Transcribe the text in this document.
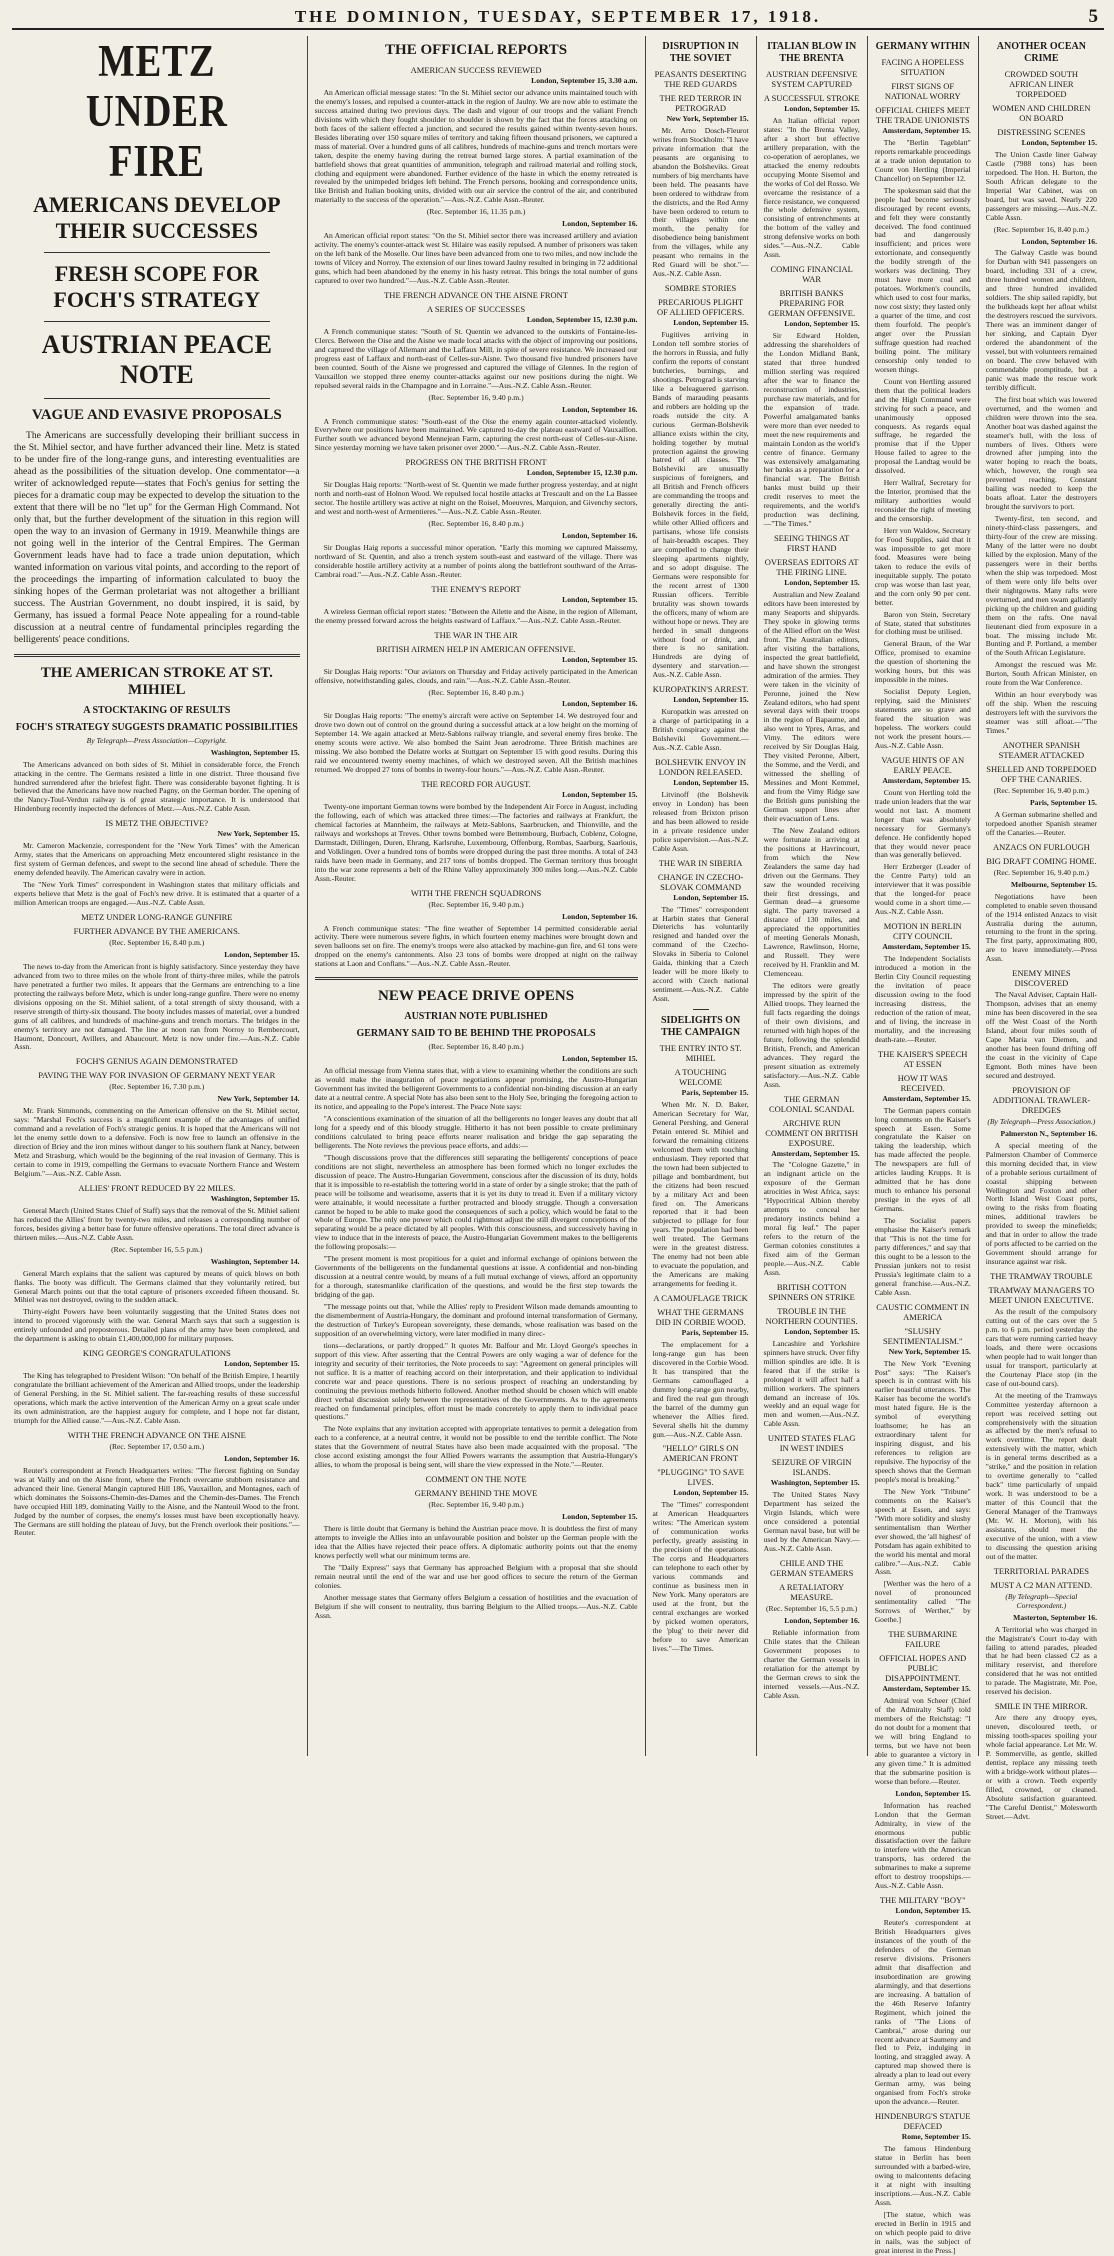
THE DOMINION, TUESDAY, SEPTEMBER 17, 1918.	5
METZ UNDER FIRE
AMERICANS DEVELOP THEIR SUCCESSES
FRESH SCOPE FOR FOCH'S STRATEGY
AUSTRIAN PEACE NOTE
VAGUE AND EVASIVE PROPOSALS
The Americans are successfully developing their brilliant success in the St. Mihiel sector, and have further advanced their line. Metz is stated to be under fire of the long-range guns, and interesting eventualities are ahead as the possibilities of the situation develop. One commentator—a writer of acknowledged repute—states that Foch's genius for setting the pieces for a dramatic coup may be expected to develop the situation to the extent that there will be no "let up" for the German High Command. Not only that, but the further development of the situation in this region will open the way to an invasion of Germany in 1919. Meanwhile things are not going well in the interior of the Central Empires. The German Government leads have had to face a trade union deputation, which wanted information on various vital points, and according to the report of the proceedings the imparting of information calculated to buoy the sinking hopes of the German proletariat was not altogether a brilliant success. The Austrian Government, no doubt inspired, it is said, by Germany, has issued a formal Peace Note appealing for a round-table discussion at a neutral centre of fundamental principles regarding the belligerents' peace conditions.
THE AMERICAN STROKE AT ST. MIHIEL
A STOCKTAKING OF RESULTS
FOCH'S STRATEGY SUGGESTS DRAMATIC POSSIBILITIES
By Telegraph—Press Association—Copyright.
Washington, September 15.

The Americans advanced on both sides of St. Mihiel in considerable force, the French attacking in the centre. The Germans resisted a little in one district. Three thousand five hundred surrendered after the briefest fight. There was considerable bayonet fighting. It is believed that the Americans have now reached Pagny, on the German border. The opening of the Nancy-Toul-Verdun railway is of great strategic importance. It is understood that Hindenburg recently inspected the defences of Metz.—Aus.-N.Z. Cable Assn.

IS METZ THE OBJECTIVE?
New York, September 15.

Mr. Cameron Mackenzie, correspondent for the "New York Times" with the American Army, states that the Americans on approaching Metz encountered slight resistance in the first system of German defences, and swept to the second line ahead of schedule. There the enemy defended heavily. The American cavalry were in action.

The "New York Times" correspondent in Washington states that military officials and experts believe that Metz is the goal of Foch's new drive. It is estimated that a quarter of a million American troops are engaged.—Aus.-N.Z. Cable Assn.

METZ UNDER LONG-RANGE GUNFIRE
FURTHER ADVANCE BY THE AMERICANS.
(Rec. September 16, 8.40 p.m.)
London, September 15.

The news to-day from the American front is highly satisfactory. Since yesterday they have advanced from two to three miles on the whole front of thirty-three miles, while the patrols have penetrated a further two miles. It appears that the Germans are entrenching to a line protecting the railways before Metz, which is under long-range gunfire. There were no enemy divisions opposing on the St. Mihiel salient, of a total strength of sixty thousand, with a reserve strength of thirty-six thousand. The booty includes masses of material, over a hundred guns of all calibres, and hundreds of machine-guns and trench mortars. The bridges in the enemy's territory are not damaged. The line at noon ran from Norroy to Rembercourt, Haumont, Doncourt, Avillers, and Abaucourt. Metz is now under fire.—Aus.-N.Z. Cable Assn.

FOCH'S GENIUS AGAIN DEMONSTRATED
PAVING THE WAY FOR INVASION OF GERMANY NEXT YEAR
(Rec. September 16, 7.30 p.m.)
New York, September 14.

Mr. Frank Simmonds, commenting on the American offensive on the St. Mihiel sector, says: "Marshal Foch's success is a magnificent example of the advantages of unified command and a revelation of Foch's strategic genius. It is hoped that the Americans will not let the enemy settle down to a defensive. Foch is now free to launch an offensive in the direction of Briey and the iron mines without danger to his southern flank at Nancy, between Metz and Strasburg, which would be the beginning of the real invasion of Germany. This is certain to come in 1919, compelling the Germans to evacuate Northern France and Western Belgium."—Aus.-N.Z. Cable Assn.

ALLIES' FRONT REDUCED BY 22 MILES.
Washington, September 15.

General March (United States Chief of Staff) says that the removal of the St. Mihiel salient has reduced the Allies' front by twenty-two miles, and releases a corresponding number of forces, besides giving a better base for future offensive operations. The total direct advance is thirteen miles.—Aus.-N.Z. Cable Assn.

(Rec. September 16, 5.5 p.m.)
Washington, September 14.

General March explains that the salient was captured by means of quick blows on both flanks. The booty was difficult. The Germans claimed that they voluntarily retired, but General March points out that the total capture of prisoners exceeded fifteen thousand. St. Mihiel was not destroyed, owing to the sudden attack.

Thirty-eight Powers have been voluntarily suggesting that the United States does not intend to proceed vigorously with the war. General March says that such a suggestion is entirely unfounded and preposterous. Detailed plans of the army have been completed, and the department is asking to obtain £1,400,000,000 for military purposes.

KING GEORGE'S CONGRATULATIONS
London, September 15.

The King has telegraphed to President Wilson: "On behalf of the British Empire, I heartily congratulate the brilliant achievement of the American and Allied troops, under the leadership of General Pershing, in the St. Mihiel salient. The far-reaching results of these successful operations, which mark the active intervention of the American Army on a great scale under its own administration, are the happiest augury for complete, and I hope not far distant, triumph for the Allied cause."—Aus.-N.Z. Cable Assn.

WITH THE FRENCH ADVANCE ON THE AISNE
(Rec. September 17, 0.50 a.m.)
London, September 16.

Reuter's correspondent at French Headquarters writes: "The fiercest fighting on Sunday was at Vailly and on the Aisne front, where the French overcame stubborn resistance and advanced their line. General Mangin captured Hill 186, Vauxaillon, and Montagnes, each of which dominates the Soissons-Chemin-des-Dames and the Chemin-des-Dames. The French have occupied Hill 189, dominating Vailly to the Aisne, and the Nanteuil Wood to the front. Judged by the number of corpses, the enemy's losses must have been exceptionally heavy. The Germans are still holding the plateau of Juvy, but the French overlook their positions."—Reuter.

THE OFFICIAL REPORTS
AMERICAN SUCCESS REVIEWED
London, September 15, 3.30 a.m.

An American official message states: "In the St. Mihiel sector our advance units maintained touch with the enemy's losses, and repulsed a counter-attack in the region of Jaulny. We are now able to estimate the success attained during two previous days. The dash and vigour of our troops and the valiant French divisions with which they fought shoulder to shoulder is shown by the fact that the forces attacking on both faces of the salient effected a junction, and secured the results gained within twenty-seven hours. Besides liberating over 150 square miles of territory and taking fifteen thousand prisoners, we captured a mass of material. Over a hundred guns of all calibres, hundreds of machine-guns and trench mortars were taken, despite the enemy having during the retreat burned large stores. A partial examination of the battlefield shows that great quantities of ammunition, telegraph and railroad material and rolling stock, clothing and equipment were abandoned. Further evidence of the haste in which the enemy retreated is revealed by the unimpeded bridges left behind. The French persons, booking and correspondence units, like British and Italian booking units, divided with our air service the control of the air, and contributed materially to the success of the operation."—Aus.-N.Z. Cable Assn.-Reuter.

(Rec. September 16, 11.35 p.m.)
London, September 16.

An American official report states: "On the St. Mihiel sector there was increased artillery and aviation activity. The enemy's counter-attack west St. Hilaire was easily repulsed. A number of prisoners was taken on the left bank of the Moselle. Our lines have been advanced from one to two miles, and now include the towns of Vilcey and Norroy. The extension of our lines toward Jaulny resulted in bringing in 72 additional guns, which had been abandoned by the enemy in his hasty retreat. This brings the total number of guns captured to over two hundred."—Aus.-N.Z. Cable Assn.-Reuter.

THE FRENCH ADVANCE ON THE AISNE FRONT
A SERIES OF SUCCESSES
London, September 15, 12.30 p.m.

A French communique states: "South of St. Quentin we advanced to the outskirts of Fontaine-les-Clercs. Between the Oise and the Aisne we made local attacks with the object of improving our positions, and captured the village of Allemant and the Laffaux Mill, in spite of severe resistance. We increased our progress east of Laffaux and north-east of Celles-sur-Aisne. Two thousand five hundred prisoners have been counted. South of the Aisne we progressed and captured the village of Glennes. In the region of Vauxaillon we stopped three enemy counter-attacks against our new positions during the night. We repulsed several raids in the Champagne and in Lorraine."—Aus.-N.Z. Cable Assn.-Reuter.

(Rec. September 16, 9.40 p.m.)
London, September 16.

A French communique states: "South-east of the Oise the enemy again counter-attacked violently. Everywhere our positions have been maintained. We captured to-day the plateau eastward of Vauxaillon. Further south we advanced beyond Mennejean Farm, capturing the crest north-east of Celles-sur-Aisne. Since yesterday morning we have taken prisoner over 2000."—Aus.-N.Z. Cable Assn.-Reuter.

PROGRESS ON THE BRITISH FRONT
London, September 15, 12.30 p.m.

Sir Douglas Haig reports: "North-west of St. Quentin we made further progress yesterday, and at night north and north-east of Holnon Wood. We repulsed local hostile attacks at Trescault and on the La Bassee sector. The hostile artillery was active at night on the Roisel, Moeuvres, Marquion, and Givenchy sectors, and west and north-west of Armentieres."—Aus.-N.Z. Cable Assn.-Reuter.

(Rec. September 16, 8.40 p.m.)
London, September 16.

Sir Douglas Haig reports a successful minor operation. "Early this morning we captured Maissemy, northward of St. Quentin, and also a trench system south-east and eastward of the village. There was considerable hostile artillery activity at a number of points along the battlefront southward of the Arras-Cambrai road."—Aus.-N.Z. Cable Assn.-Reuter.

THE ENEMY'S REPORT
London, September 15.

A wireless German official report states: "Between the Ailette and the Aisne, in the region of Allemant, the enemy pressed forward across the heights eastward of Laffaux."—Aus.-N.Z. Cable Assn.-Reuter.

THE WAR IN THE AIR
BRITISH AIRMEN HELP IN AMERICAN OFFENSIVE.
London, September 15.

Sir Douglas Haig reports: "Our aviators on Thursday and Friday actively participated in the American offensive, notwithstanding gales, clouds, and rain."—Aus.-N.Z. Cable Assn.-Reuter.

(Rec. September 16, 8.40 p.m.)
London, September 16.

Sir Douglas Haig reports: "The enemy's aircraft were active on September 14. We destroyed four and drove two down out of control on the ground during a successful attack at a low height on the morning of September 14. We again attacked at Metz-Sablons railway triangle, and several enemy fires broke. The enemy scouts were active. We also bombed the Saint Jean aerodrome. Three British machines are missing. We also bombed the Delatre works at Stuttgart on September 15 with good results. During this raid we encountered twenty enemy machines, of which we destroyed seven. All the British machines returned. We dropped 27 tons of bombs in twenty-four hours."—Aus.-N.Z. Cable Assn.-Reuter.

THE RECORD FOR AUGUST.
London, September 15.

Twenty-one important German towns were bombed by the Independent Air Force in August, including the following, each of which was attacked three times:—The factories and railways at Frankfurt, the chemical factories at Mannheim, the railways at Metz-Sablons, Saarbrucken, and Thionville, and the railways and workshops at Treves. Other towns bombed were Bettembourg, Burbach, Coblenz, Cologne, Darmstadt, Dillingen, Duren, Ehrang, Karlsruhe, Luxembourg, Offenburg, Rombas, Saarburg, Saarlouis, and Volklingen. Over a hundred tons of bombs were dropped during the past three months. A total of 243 raids have been made in Germany, and 217 tons of bombs dropped. The German territory thus brought into the war zone represents a belt of the Rhine Valley approximately 300 miles long.—Aus.-N.Z. Cable Assn.-Reuter.

WITH THE FRENCH SQUADRONS
(Rec. September 16, 9.40 p.m.)
London, September 16.

A French communique states: "The fine weather of September 14 permitted considerable aerial activity. There were numerous severe fights, in which fourteen enemy machines were brought down and seven balloons set on fire. The enemy's troops were also attacked by machine-gun fire, and 61 tons were dropped on the enemy's cantonments. Also 23 tons of bombs were dropped at night on the railway stations at Laon and Conflans."—Aus.-N.Z. Cable Assn.-Reuter.

NEW PEACE DRIVE OPENS
AUSTRIAN NOTE PUBLISHED
GERMANY SAID TO BE BEHIND THE PROPOSALS
(Rec. September 16, 8.40 p.m.)
London, September 15.

An official message from Vienna states that, with a view to examining whether the conditions are such as would make the inauguration of peace negotiations appear promising, the Austro-Hungarian Government has invited the belligerent Governments to a confidential non-binding discussion at an early date at a neutral centre. A special Note has also been sent to the Holy See, bringing the foregoing action to its notice, and appealing to the Pope's interest. The Peace Note says:

"A conscientious examination of the situation of all the belligerents no longer leaves any doubt that all long for a speedy end of this bloody struggle. Hitherto it has not been possible to create preliminary conditions calculated to bring peace efforts nearer realisation and bridge the gap separating the belligerents. The Note reviews the previous peace efforts, and adds:—

"Though discussions prove that the differences still separating the belligerents' conceptions of peace conditions are not slight, nevertheless an atmosphere has been formed which no longer excludes the discussion of peace. The Austro-Hungarian Government, conscious after the discussion of its duty, holds that it is impossible to re-establish the tottering world in a state of order by a single stroke; that the path of peace will be toilsome and wearisome, asserts that it is yet its duty to tread it. Even if a military victory were attainable, it would necessitate a further protracted and bloody struggle. Though a conversation cannot be hoped to be able to make good the consequences of such a policy, which would be fatal to the whole of Europe. The only one power which could rightmost adjust the still divergent conceptions of the separating would be a peace dictated by all peoples. With this consciousness, and successively having in view to induce that in the interests of peace, the Austro-Hungarian Government makes to the belligerents the following proposals:—

"The present moment is most propitious for a quiet and informal exchange of opinions between the Governments of the belligerents on the fundamental questions at issue. A confidential and non-binding discussion at a neutral centre would, by means of a full mutual exchange of views, afford an opportunity for a thorough, statesmanlike clarification of the questions, and would be the first step towards the bridging of the gap.

"The message points out that, 'while the Allies' reply to President Wilson made demands amounting to the dismemberment of Austria-Hungary, the dominant and profound internal transformation of Germany, the destruction of Turkey's European sovereignty, these demands, whose realisation was based on the supposition of an overwhelming victory, were later modified in many direc-

tions—declarations, or partly dropped." It quotes Mr. Balfour and Mr. Lloyd George's speeches in support of this view. After asserting that the Central Powers are only waging a war of defence for the integrity and security of their territories, the Note proceeds to say: "Agreement on general principles will not suffice. It is a matter of reaching accord on their interpretation, and their application to individual concrete war and peace questions. There is no serious prospect of reaching an understanding by continuing the previous methods hitherto followed. Another method should be chosen which will enable direct verbal discussion solely between the representatives of the Governments. As to the agreements reached on fundamental principles, effort must be made concretely to apply them to individual peace questions."

The Note explains that any invitation accepted with appropriate tentatives to permit a delegation from each to a conference, at a neutral centre, it would not be possible to end the terrible conflict. The Note states that the Government of neutral States have also been made acquainted with the proposal. "The close accord existing amongst the four Allied Powers warrants the assumption that Austria-Hungary's allies, to whom the proposal is being sent, will share the view expressed in the Note."—Reuter.

COMMENT ON THE NOTE
GERMANY BEHIND THE MOVE
(Rec. September 16, 9.40 p.m.)
London, September 15.

There is little doubt that Germany is behind the Austrian peace move. It is doubtless the first of many attempts to inveigle the Allies into an unfavourable position and bolster up the German people with the idea that the Allies have rejected their peace offers. A diplomatic authority points out that the enemy knows perfectly well what our minimum terms are.

The "Daily Express" says that Germany has approached Belgium with a proposal that she should remain neutral until the end of the war and use her good offices to secure the return of the German colonies.

Another message states that Germany offers Belgium a cessation of hostilities and the evacuation of Belgium if she will consent to neutrality, thus barring Belgium to the Allied troops.—Aus.-N.Z. Cable Assn.

DISRUPTION IN THE SOVIET
PEASANTS DESERTING THE RED GUARDS
THE RED TERROR IN PETROGRAD
New York, September 15.

Mr. Arno Dosch-Fleurot writes from Stockholm: "I have private information that the peasants are organising to abandon the Bolsheviks. Great numbers of big merchants have been held. The peasants have been ordered to withdraw from the districts, and the Red Army have been ordered to return to their villages within one month, the penalty for disobedience being banishment from the villages, while any peasant who remains in the Red Guard will be shot."—Aus.-N.Z. Cable Assn.

SOMBRE STORIES
PRECARIOUS PLIGHT OF ALLIED OFFICERS.
London, September 15.

Fugitives arriving in London tell sombre stories of the horrors in Russia, and fully confirm the reports of constant butcheries, burnings, and shootings. Petrograd is starving like a beleaguered garrison. Bands of marauding peasants and robbers are holding up the roads outside the city. A curious German-Bolshevik alliance exists within the city, holding together by mutual protection against the growing hatred of all classes. The Bolsheviki are unusually suspicious of foreigners, and all British and French officers are commanding the troops and generally directing the anti-Bolshevik forces in the field, while other Allied officers and partisans, whose life consists of hair-breadth escapes. They are compelled to change their sleeping apartments nightly, and so adopt disguise. The Germans were responsible for the recent arrest of 1300 Russian officers. Terrible brutality was shown towards the officers, many of whom are without hope or news. They are herded in small dungeons without food or drink, and there is no sanitation. Hundreds are dying of dysentery and starvation.—Aus.-N.Z. Cable Assn.

KUROPATKIN'S ARREST.
London, September 15.

Kuropatkin was arrested on a charge of participating in a British conspiracy against the Bolsheviki Government.—Aus.-N.Z. Cable Assn.

BOLSHEVIK ENVOY IN LONDON RELEASED.
London, September 15.

Litvinoff (the Bolshevik envoy in London) has been released from Brixton prison and has been allowed to reside in a private residence under police supervision.—Aus.-N.Z. Cable Assn.

THE WAR IN SIBERIA
CHANGE IN CZECHO-SLOVAK COMMAND
London, September 15.

The "Times" correspondent at Harbin states that General Dieterichs has voluntarily resigned and handed over the command of the Czecho-Slovaks in Siberia to Colonel Gaida, thinking that a Czech leader will be more likely to accord with Czech national sentiment.—Aus.-N.Z. Cable Assn.

SIDELIGHTS ON THE CAMPAIGN
THE ENTRY INTO ST. MIHIEL
A TOUCHING WELCOME
Paris, September 15.

When Mr. N. D. Baker, American Secretary for War, General Pershing, and General Petain entered St. Mihiel and forward the remaining citizens welcomed them with touching enthusiasm. They reported that the town had been subjected to pillage and bombardment, but the citizens had been rescued by a military Act and been fired on. The Americans reported that it had been subjected to pillage for four years. The population had been well treated. The Germans were in the greatest distress. The enemy had not been able to evacuate the population, and the Americans are making arrangements for feeding it.

A CAMOUFLAGE TRICK
WHAT THE GERMANS DID IN CORBIE WOOD.
Paris, September 15.

The emplacement for a long-range gun has been discovered in the Corbie Wood. It has transpired that the Germans camouflaged a dummy long-range gun nearby, and fired the real gun through the barrel of the dummy gun whenever the Allies fired. Several shells hit the dummy gun.—Aus.-N.Z. Cable Assn.

"HELLO" GIRLS ON AMERICAN FRONT
"PLUGGING" TO SAVE LIVES.
London, September 15.

The "Times" correspondent at American Headquarters writes: "The American system of communication works perfectly, greatly assisting in the precision of the operations. The corps and Headquarters can telephone to each other by various commands and continue as business men in New York. Many operators are used at the front, but the central exchanges are worked by picked women operators, the 'plug' to their never did before to save American lives."—The Times.

ITALIAN BLOW IN THE BRENTA
AUSTRIAN DEFENSIVE SYSTEM CAPTURED
A SUCCESSFUL STROKE
London, September 15.

An Italian official report states: "In the Brenta Valley, after a short but effective artillery preparation, with the co-operation of aeroplanes, we attacked the enemy redoubts occupying Monte Sisemol and the works of Col del Rosso. We overcame the resistance of a fierce resistance, we conquered the whole defensive system, consisting of entrenchments at the bottom of the valley and strong defensive works on both sides."—Aus.-N.Z. Cable Assn.

COMING FINANCIAL WAR
BRITISH BANKS PREPARING FOR GERMAN OFFENSIVE.
London, September 15.

Sir Edward Holden, addressing the shareholders of the London Midland Bank, stated that three hundred million sterling was required after the war to finance the reconstruction of industries, purchase raw materials, and for the expansion of trade. Powerful amalgamated banks were more than ever needed to meet the new requirements and maintain London as the world's centre of finance. Germany was extensively amalgamating her banks as a preparation for a financial war. The British banks must build up their credit reserves to meet the requirements, and the world's production was declining.—"The Times."

SEEING THINGS AT FIRST HAND
OVERSEAS EDITORS AT THE FIRING LINE.
London, September 15.

Australian and New Zealand editors have been interested by many Seaports and shipyards. They spoke in glowing terms of the Allied effort on the West front. The Australian editors, after visiting the battalions, inspected the great battlefield, and have shown the strongest admiration of the armies. They were taken in the vicinity of Peronne, joined the New Zealand editors, who had spent several days with their troops in the region of Bapaume, and also went to Ypres, Arras, and Vimy. The editors were received by Sir Douglas Haig. They visited Peronne, Albert, the Somme, and the Verdi, and witnessed the shelling of Messines and Mont Kemmel, and from the Vimy Ridge saw the British guns punishing the German support lines after their evacuation of Lens.

The New Zealand editors were fortunate in arriving at the positions at Havrincourt, from which the New Zealanders the same day had driven out the Germans. They saw the wounded receiving their first dressings, and German dead—a gruesome sight. The party traversed a distance of 130 miles, and appreciated the opportunities of meeting Generals Monash, Lawrence, Rawlinson, Horne, and Russell. They were received by H. Franklin and M. Clemenceau.

The editors were greatly impressed by the spirit of the Allied troops. They learned the full facts regarding the doings of their own divisions, and returned with high hopes of the future, following the splendid British, French, and American advances. They regard the present situation as extremely satisfactory.—Aus.-N.Z. Cable Assn.

THE GERMAN COLONIAL SCANDAL
ARCHIVE RUN COMMENT ON BRITISH EXPOSURE.
Amsterdam, September 15.

The "Cologne Gazette," in an indignant article on the exposure of the German atrocities in West Africa, says: "Hypocritical Albion thereby attempts to conceal her predatory instincts behind a moral fig leaf." The paper refers to the return of the German colonies constitutes a fixed aim of the German people.—Aus.-N.Z. Cable Assn.

BRITISH COTTON SPINNERS ON STRIKE
TROUBLE IN THE NORTHERN COUNTIES.
London, September 15.

Lancashire and Yorkshire spinners have struck. Over fifty million spindles are idle. It is feared that if the strike is prolonged it will affect half a million workers. The spinners demand an increase of 10s. weekly and an equal wage for men and women.—Aus.-N.Z. Cable Assn.

UNITED STATES FLAG IN WEST INDIES
SEIZURE OF VIRGIN ISLANDS.
Washington, September 15.

The United States Navy Department has seized the Virgin Islands, which were once considered a potential German naval base, but will be used by the American Navy.—Aus.-N.Z. Cable Assn.

CHILE AND THE GERMAN STEAMERS
A RETALIATORY MEASURE.
(Rec. September 16, 5.5 p.m.)
London, September 16.

Reliable information from Chile states that the Chilean Government proposes to charter the German vessels in retaliation for the attempt by the German crews to sink the interned vessels.—Aus.-N.Z. Cable Assn.

GERMANY WITHIN
FACING A HOPELESS SITUATION
FIRST SIGNS OF NATIONAL WORRY
OFFICIAL CHIEFS MEET THE TRADE UNIONISTS
Amsterdam, September 15.

The "Berlin Tageblatt" reports remarkable proceedings at a trade union deputation to Count von Hertling (Imperial Chancellor) on September 12.

The spokesman said that the people had become seriously discouraged by recent events, and felt they were constantly deceived. The food continued bad and dangerously insufficient; and prices were extortionate, and consequently the bodily strength of the workers was declining. They must have more coal and potatoes. Workmen's councils, which used to cost four marks, now cost sixty; they lasted only a quarter of the time, and cost them fourfold. The people's anger over the Prussian suffrage question had reached boiling point. The military censorship only tended to worsen things.

Count von Hertling assured them that the political leaders and the High Command were striving for such a peace, and unanimously opposed conquests. As regards equal suffrage, he regarded the promise that if the Upper House failed to agree to the proposal the Landtag would be dissolved.

Herr Wallraf, Secretary for the Interior, promised that the military authorities would reconsider the right of meeting and the censorship.

Herr von Waldow, Secretary for Food Supplies, said that it was impossible to get more food. Measures were being taken to reduce the evils of inequitable supply. The potato crop was worse than last year, and the corn only 90 per cent. better.

Baron von Stein, Secretary of State, stated that substitutes for clothing must be utilised.

General Braun, of the War Office, promised to examine the question of shortening the working hours, but this was impossible in the mines.

Socialist Deputy Legien, replying, said the Ministers' statements are so grave and feared the situation was hopeless. The workers could not work the present hours.—Aus.-N.Z. Cable Assn.

VAGUE HINTS OF AN EARLY PEACE.
Amsterdam, September 15.

Count von Hertling told the trade union leaders that the war would not last. A moment longer than was absolutely necessary for Germany's defence. He confidently hoped that they would never peace than was generally believed.

Herr Erzberger (Leader of the Centre Party) told an interviewer that it was possible that the longed-for peace would come in a short time.—Aus.-N.Z. Cable Assn.

MOTION IN BERLIN CITY COUNCIL
Amsterdam, September 15.

The Independent Socialists introduced a motion in the Berlin City Council requesting the invitation of peace discussion owing to the food increasing distress, the reduction of the ration of meat, and of living, the increase in mortality, and the increasing death-rate.—Reuter.

THE KAISER'S SPEECH AT ESSEN
HOW IT WAS RECEIVED.
Amsterdam, September 15.

The German papers contain long comments on the Kaiser's speech at Essen. Some congratulate the Kaiser on taking the leadership, which has made affected the people. The newspapers are full of articles lauding Krupps. It is admitted that he has done much to enhance his personal prestige in the eyes of all Germans.

The Socialist papers emphasise the Kaiser's remark that "This is not the time for party differences," and say that this ought to be a lesson to the Prussian junkers not to resist Prussia's legitimate claim to a general franchise.—Aus.-N.Z. Cable Assn.

CAUSTIC COMMENT IN AMERICA
"SLUSHY SENTIMENTALISM."
New York, September 15.

The New York "Evening Post" says: "The Kaiser's speech is in contrast with his earlier boastful utterances. The Kaiser has become the world's most hated figure. He is the symbol of everything loathsome; he has an extraordinary talent for inspiring disgust, and his references to religion are repulsive. The hypocrisy of the speech shows that the German people's moral is breaking."

The New York "Tribune" comments on the Kaiser's speech at Essen, and says: "With more solidity and slushy sentimentalism than Werther ever showed, the 'all highest' of Potsdam has again exhibited to the world his mental and moral calibre."—Aus.-N.Z. Cable Assn.

[Werther was the hero of a novel of pronounced sentimentality called "The Sorrows of Werther," by Goethe.]

THE SUBMARINE FAILURE
OFFICIAL HOPES AND PUBLIC DISAPPOINTMENT.
Amsterdam, September 15.

Admiral von Scheer (Chief of the Admiralty Staff) told members of the Reichstag: "I do not doubt for a moment that we will bring England to terms, but we have not been able to guarantee a victory in any given time." It is admitted that the submarine position is worse than before.—Reuter.

London, September 15.

Information has reached London that the German Admiralty, in view of the enormous public dissatisfaction over the failure to interfere with the American transports, has ordered the submarines to make a supreme effort to destroy troopships.—Aus.-N.Z. Cable Assn.

THE MILITARY "BOY"
London, September 15.

Reuter's correspondent at British Headquarters gives instances of the youth of the defenders of the German reserve divisions. Prisoners admit that disaffection and insubordination are growing alarmingly, and that desertions are increasing. A battalion of the 46th Reserve Infantry Regiment, which joined the ranks of "The Lions of Cambrai," arose during our recent advance at Saumeny and fled to Peiz, indulging in looting, and straggled away. A captured map showed there is already a plan to lead out every German army, was being organised from Foch's stroke upon the advance.—Reuter.

HINDENBURG'S STATUE DEFACED
Rome, September 15.

The famous Hindenburg statue in Berlin has been surrounded with a barbed-wire, owing to malcontents defacing it at night with insulting inscriptions.—Aus.-N.Z. Cable Assn.

[The statue, which was erected in Berlin in 1915 and on which people paid to drive in nails, was the subject of great interest in the Press.]

ANOTHER OCEAN CRIME
CROWDED SOUTH AFRICAN LINER TORPEDOED
WOMEN AND CHILDREN ON BOARD
DISTRESSING SCENES
London, September 15.

The Union Castle liner Galway Castle (7988 tons) has been torpedoed. The Hon. H. Burton, the South African delegate to the Imperial War Cabinet, was on board, but was saved. Nearly 220 passengers are missing.—Aus.-N.Z. Cable Assn.

(Rec. September 16, 8.40 p.m.)
London, September 16.

The Galway Castle was bound for Durban with 941 passengers on board, including 331 of a crew, three hundred women and children, and three hundred invalided soldiers. The ship sailed rapidly, but the bulkheads kept her afloat whilst the destroyers rescued the survivors. There was an imminent danger of her sinking, and Captain Dyer ordered the abandonment of the vessel, but with volunteers remained on board. The crew behaved with commendable promptitude, but a panic was made the rescue work terribly difficult.

The first boat which was lowered overturned, and the women and children were thrown into the sea. Another boat was dashed against the steamer's hull, with the loss of numbers of lives. Others were drowned after jumping into the water hoping to reach the boats, which, however, the rough sea prevented reaching. Constant bailing was needed to keep the boats afloat. Later the destroyers brought the survivors to port.

Twenty-first, ten second, and ninety-third-class passengers, and thirty-four of the crew are missing. Many of the latter were no doubt killed by the explosion. Many of the passengers were in their berths when the ship was torpedoed. Most of them were only life belts over their nightgowns. Many rafts were overturned, and men swam gallantly picking up the children and guiding them on the rafts. One naval lieutenant died from exposure in a boat. The missing include Mr. Bunting and P. Portland, a member of the South African Legislature.

Amongst the rescued was Mr. Burton, South African Minister, en route from the War Conference.

Within an hour everybody was off the ship. When the rescuing destroyers left with the survivors the steamer was still afloat.—"The Times."

ANOTHER SPANISH STEAMER ATTACKED
SHELLED AND TORPEDOED OFF THE CANARIES.
(Rec. September 16, 9.40 p.m.)
Paris, September 15.

A German submarine shelled and torpedoed another Spanish steamer off the Canaries.—Reuter.

ANZACS ON FURLOUGH
BIG DRAFT COMING HOME.
(Rec. September 16, 9.40 p.m.)
Melbourne, September 15.

Negotiations have been completed to enable seven thousand of the 1914 enlisted Anzacs to visit Australia during the autumn, returning to the front in the spring. The first party, approximating 800, are to leave immediately.—Press Assn.

ENEMY MINES DISCOVERED

The Naval Adviser, Captain Hall-Thompson, advises that an enemy mine has been discovered in the sea off the West Coast of the North Island, about four miles south of Cape Maria van Diemen, and another has been found drifting off the coast in the vicinity of Cape Egmont. Both mines have been secured and destroyed.

PROVISION OF ADDITIONAL TRAWLER-DREDGES
(By Telegraph—Press Association.)
Palmerston N., September 16.

A special meeting of the Palmerston Chamber of Commerce this morning decided that, in view of a probable serious curtailment of coastal shipping between Wellington and Foxton and other North Island West Coast ports, owing to the risks from floating mines, additional trawlers be provided to sweep the minefields; and that in order to allow the trade of ports affected to be carried on the Government should arrange for insurance against war risk.

THE TRAMWAY TROUBLE
TRAMWAY MANAGERS TO MEET UNION EXECUTIVE.

As the result of the compulsory cutting out of the cars over the 5 p.m. to 6 p.m. period yesterday the cars that were running carried heavy loads, and there were occasions when people had to wait longer than usual for transport, particularly at the Courtenay Place stop (in the case of out-bound cars).

At the meeting of the Tramways Committee yesterday afternoon a report was received setting out comprehensively with the situation as affected by the men's refusal to work overtime. The report dealt extensively with the matter, which is in general terms described as a "strike," and the position in relation to overtime generally to "called back" time particularly of unpaid work. It was understood to be a matter of this Council that the General Manager of the Tramways (Mr. W. H. Morton), with his assistants, should meet the executive of the union, with a view to discussing the question arising out of the matter.

TERRITORIAL PARADES
MUST A C2 MAN ATTEND.
(By Telegraph—Special Correspondent.)
Masterton, September 16.

A Territorial who was charged in the Magistrate's Court to-day with failing to attend parades, pleaded that he had been classed C2 as a military reservist, and therefore considered that he was not entitled to parade. The Magistrate, Mr. Poe, reserved his decision.

SMILE IN THE MIRROR.

Are there any droopy eyes, uneven, discoloured teeth, or missing tooth-spaces spoiling your whole facial appearance. Let Mr. W. P. Sommerville, as gentle, skilled dentist, replace any missing teeth with a bridge-work without plates—or with a crown. Teeth expertly filled, crowned, or cleaned. Absolute satisfaction guaranteed. "The Careful Dentist," Molesworth Street.—Advt.
